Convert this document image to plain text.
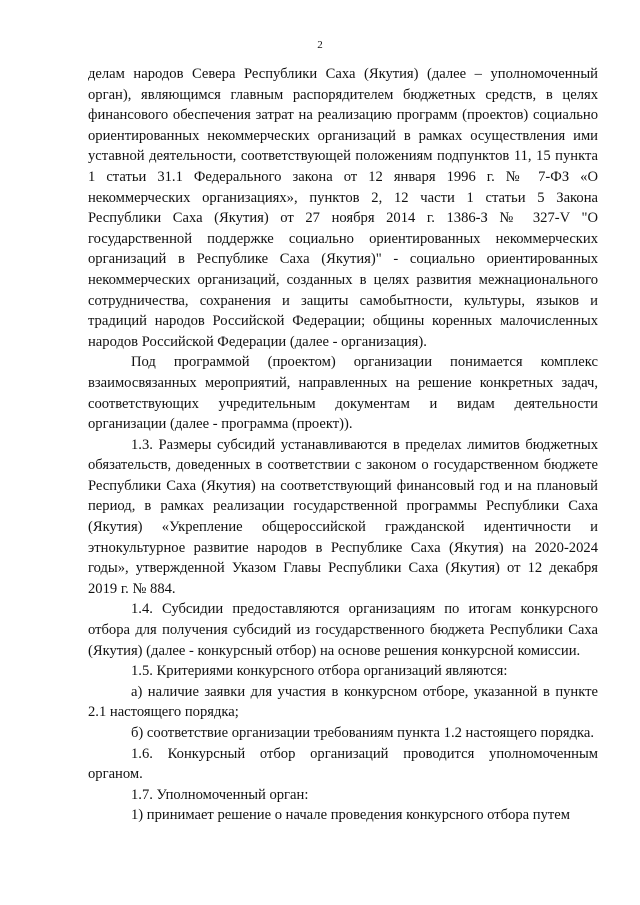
2

делам народов Севера Республики Саха (Якутия) (далее – уполномоченный орган), являющимся главным распорядителем бюджетных средств, в целях финансового обеспечения затрат на реализацию программ (проектов) социально ориентированных некоммерческих организаций в рамках осуществления ими уставной деятельности, соответствующей положениям подпунктов 11, 15 пункта 1 статьи 31.1 Федерального закона от 12 января 1996 г. № 7-ФЗ «О некоммерческих организациях», пунктов 2, 12 части 1 статьи 5 Закона Республики Саха (Якутия) от 27 ноября 2014 г. 1386-З № 327-V "О государственной поддержке социально ориентированных некоммерческих организаций в Республике Саха (Якутия)" - социально ориентированных некоммерческих организаций, созданных в целях развития межнационального сотрудничества, сохранения и защиты самобытности, культуры, языков и традиций народов Российской Федерации; общины коренных малочисленных народов Российской Федерации (далее - организация).

Под программой (проектом) организации понимается комплекс взаимосвязанных мероприятий, направленных на решение конкретных задач, соответствующих учредительным документам и видам деятельности организации (далее - программа (проект)).

1.3. Размеры субсидий устанавливаются в пределах лимитов бюджетных обязательств, доведенных в соответствии с законом о государственном бюджете Республики Саха (Якутия) на соответствующий финансовый год и на плановый период, в рамках реализации государственной программы Республики Саха (Якутия) «Укрепление общероссийской гражданской идентичности и этнокультурное развитие народов в Республике Саха (Якутия) на 2020-2024 годы», утвержденной Указом Главы Республики Саха (Якутия) от 12 декабря 2019 г. № 884.

1.4. Субсидии предоставляются организациям по итогам конкурсного отбора для получения субсидий из государственного бюджета Республики Саха (Якутия) (далее - конкурсный отбор) на основе решения конкурсной комиссии.

1.5. Критериями конкурсного отбора организаций являются:

а) наличие заявки для участия в конкурсном отборе, указанной в пункте 2.1 настоящего порядка;

б) соответствие организации требованиям пункта 1.2 настоящего порядка.

1.6. Конкурсный отбор организаций проводится уполномоченным органом.

1.7. Уполномоченный орган:

1) принимает решение о начале проведения конкурсного отбора путем
